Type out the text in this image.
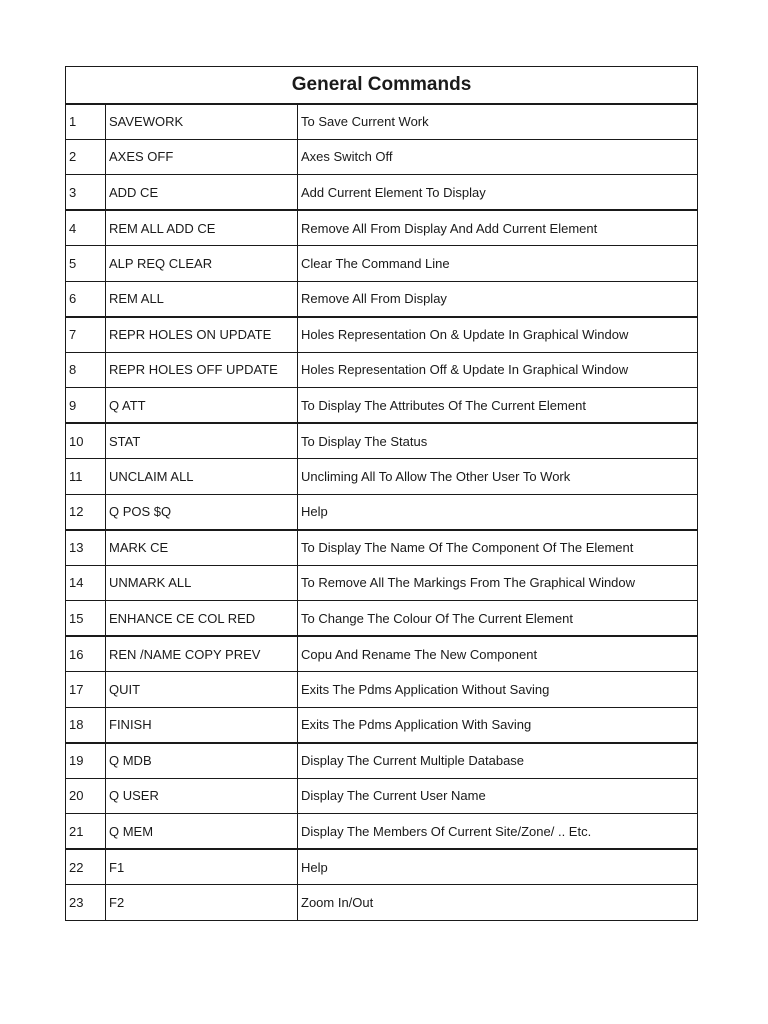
General Commands		
1	SAVEWORK	To Save Current Work
2	AXES OFF	Axes Switch Off
3	ADD CE	Add Current Element To Display
4	REM ALL ADD CE	Remove All From Display And Add Current Element
5	ALP REQ CLEAR	Clear The Command Line
6	REM ALL	Remove All From Display
7	REPR HOLES ON UPDATE	Holes Representation On & Update In Graphical Window
8	REPR HOLES OFF UPDATE	Holes Representation Off & Update In Graphical Window
9	Q ATT	To Display The Attributes Of The Current Element
10	STAT	To Display The Status
11	UNCLAIM ALL	Uncliming All To Allow The Other User To Work
12	Q POS $Q	Help
13	MARK CE	To Display The Name Of The Component Of The Element
14	UNMARK ALL	To Remove All The Markings From The Graphical Window
15	ENHANCE CE COL RED	To Change The Colour Of The Current Element
16	REN /NAME COPY PREV	Copu And Rename The New Component
17	QUIT	Exits The Pdms Application Without Saving
18	FINISH	Exits The Pdms Application With Saving
19	Q MDB	Display The Current Multiple Database
20	Q USER	Display The Current User Name
21	Q MEM	Display The Members Of Current Site/Zone/ .. Etc.
22	F1	Help
23	F2	Zoom In/Out
